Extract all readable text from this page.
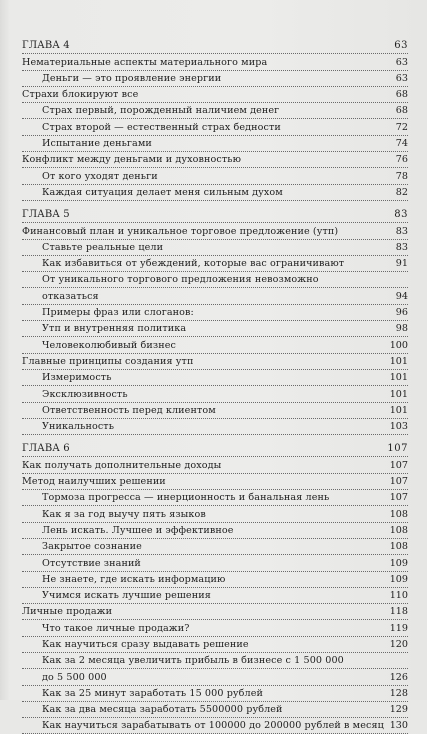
ГЛАВА 4	63
Нематериальные аспекты материального мира	63
Деньги — это проявление энергии	63
Страхи блокируют все	68
Страх первый, порожденный наличием денег	68
Страх второй — естественный страх бедности	72
Испытание деньгами	74
Конфликт между деньгами и духовностью	76
От кого уходят деньги	78
Каждая ситуация делает меня сильным духом	82
ГЛАВА 5	83
Финансовый план и уникальное торговое предложение (утп)	83
Ставьте реальные цели	83
Как избавиться от убеждений, которые вас ограничивают	91
От уникального торгового предложения невозможно
отказаться	94
Примеры фраз или слоганов:	96
Утп и внутренняя политика	98
Человеколюбивый бизнес	100
Главные принципы создания утп	101
Измеримость	101
Эксклюзивность	101
Ответственность перед клиентом	101
Уникальность	103
ГЛАВА 6	107
Как получать дополнительные доходы	107
Метод наилучших решении	107
Тормоза прогресса — инерционность и банальная лень	107
Как я за год выучу пять языков	108
Лень искать. Лучшее и эффективное	108
Закрытое сознание	108
Отсутствие знаний	109
Не знаете, где искать информацию	109
Учимся искать лучшие решения	110
Личные продажи	118
Что такое личные продажи?	119
Как научиться сразу выдавать решение	120
Как за 2 месяца увеличить прибыль в бизнесе с 1 500 000
до 5 500 000	126
Как за 25 минут заработать 15 000 рублей	128
Как за два месяца заработать 5500000 рублей	129
Как научиться зарабатывать от 100000 до 200000 рублей в месяц 130
